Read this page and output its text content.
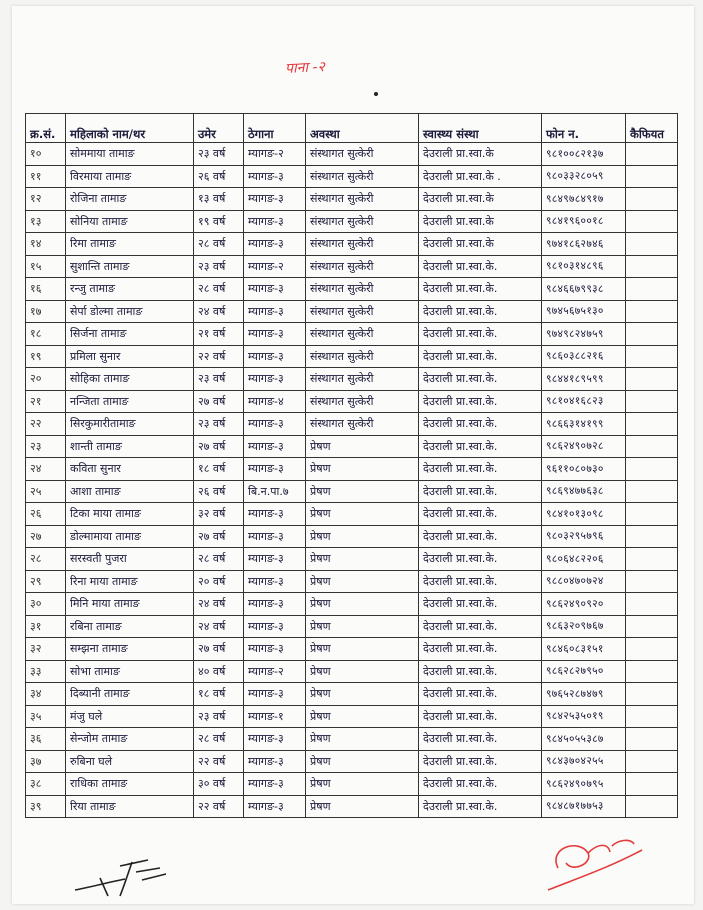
पाना -२
क्र.सं.	महिलाको नाम/थर	उमेर	ठेगाना	अवस्था	स्वास्थ्य संस्था	फोन न.	कैफियत
१०	सोममाया तामाङ	२३ वर्ष	म्यागङ-२	संस्थागत सुत्केरी	देउराली प्रा.स्वा.के	९८१००८२१३७	
११	विरमाया तामाङ	२६ वर्ष	म्यागङ-३	संस्थागत सुत्केरी	देउराली प्रा.स्वा.के .	९८०३३२८०५९	
१२	रोजिना तामाङ	१३ वर्ष	म्यागङ-३	संस्थागत सुत्केरी	देउराली प्रा.स्वा.के	९८४९७८४९१७	
१३	सोनिया तामाङ	१९ वर्ष	म्यागङ-३	संस्थागत सुत्केरी	देउराली प्रा.स्वा.के	९८४१९६००१८	
१४	रिमा तामाङ	२८ वर्ष	म्यागङ-३	संस्थागत सुत्केरी	देउराली प्रा.स्वा.के	९७४१८६२७४६	
१५	सुशान्ति तामाङ	२३ वर्ष	म्यागङ-२	संस्थागत सुत्केरी	देउराली प्रा.स्वा.के.	९८१०३१४८९६	
१६	रन्जु तामाङ	२८ वर्ष	म्यागङ-३	संस्थागत सुत्केरी	देउराली प्रा.स्वा.के.	९८४६६७९९३८	
१७	सेर्पा डोल्मा तामाङ	२४ वर्ष	म्यागङ-३	संस्थागत सुत्केरी	देउराली प्रा.स्वा.के.	९७४५६७५१३०	
१८	सिर्जना तामाङ	२१ वर्ष	म्यागङ-३	संस्थागत सुत्केरी	देउराली प्रा.स्वा.के.	९७४९८२४७५९	
१९	प्रमिला सुनार	२२ वर्ष	म्यागङ-३	संस्थागत सुत्केरी	देउराली प्रा.स्वा.के.	९८६०३८८२१६	
२०	सोहिका तामाङ	२३ वर्ष	म्यागङ-३	संस्थागत सुत्केरी	देउराली प्रा.स्वा.के.	९८४४१८९५९९	
२१	नन्जिता तामाङ	२७ वर्ष	म्यागङ-४	संस्थागत सुत्केरी	देउराली प्रा.स्वा.के.	९८१०४१६८२३	
२२	सिरकुमारीतामाङ	२३ वर्ष	म्यागङ-३	संस्थागत सुत्केरी	देउराली प्रा.स्वा.के.	९८६६३१४१९९	
२३	शान्ती तामाङ	२७ वर्ष	म्यागङ-३	प्रेषण	देउराली प्रा.स्वा.के.	९८६२४९०७२८	
२४	कविता सुनार	१८ वर्ष	म्यागङ-३	प्रेषण	देउराली प्रा.स्वा.के.	९६११०८०७३०	
२५	आशा तामाङ	२६ वर्ष	बि.न.पा.७	प्रेषण	देउराली प्रा.स्वा.के.	९८६९४७७६३८	
२६	टिका माया तामाङ	३२ वर्ष	म्यागङ-३	प्रेषण	देउराली प्रा.स्वा.के.	९८४१०१३०९८	
२७	डोल्मामाया तामाङ	२७ वर्ष	म्यागङ-३	प्रेषण	देउराली प्रा.स्वा.के.	९८०३२९५७९६	
२८	सरस्वती पुजरा	२८ वर्ष	म्यागङ-३	प्रेषण	देउराली प्रा.स्वा.के.	९८०६४८२२०६	
२९	रिना माया तामाङ	२० वर्ष	म्यागङ-३	प्रेषण	देउराली प्रा.स्वा.के.	९८८०४७०७२४	
३०	मिनि माया तामाङ	२४ वर्ष	म्यागङ-३	प्रेषण	देउराली प्रा.स्वा.के.	९८६२४९०९२०	
३१	रबिना तामाङ	२४ वर्ष	म्यागङ-३	प्रेषण	देउराली प्रा.स्वा.के.	९८६३२०९७६७	
३२	सम्झना तामाङ	२७ वर्ष	म्यागङ-३	प्रेषण	देउराली प्रा.स्वा.के.	९८४६०८३१५१	
३३	सोभा तामाङ	४० वर्ष	म्यागङ-२	प्रेषण	देउराली प्रा.स्वा.के.	९८६२८२७९५०	
३४	दिब्यानी तामाङ	१८ वर्ष	म्यागङ-३	प्रेषण	देउराली प्रा.स्वा.के.	९७६५२८७४७९	
३५	मंजु घले	२३ वर्ष	म्यागङ-१	प्रेषण	देउराली प्रा.स्वा.के.	९८४२५३५०१९	
३६	सेन्जोम तामाङ	२८ वर्ष	म्यागङ-३	प्रेषण	देउराली प्रा.स्वा.के.	९८४५०५५३८७	
३७	रुबिना घले	२२ वर्ष	म्यागङ-३	प्रेषण	देउराली प्रा.स्वा.के.	९८४३७०४२५५	
३८	राधिका तामाङ	३० वर्ष	म्यागङ-३	प्रेषण	देउराली प्रा.स्वा.के.	९८६२४९०७९५	
३९	रिया तामाङ	२२ वर्ष	म्यागङ-३	प्रेषण	देउराली प्रा.स्वा.के.	९८४८७१७७५३	
